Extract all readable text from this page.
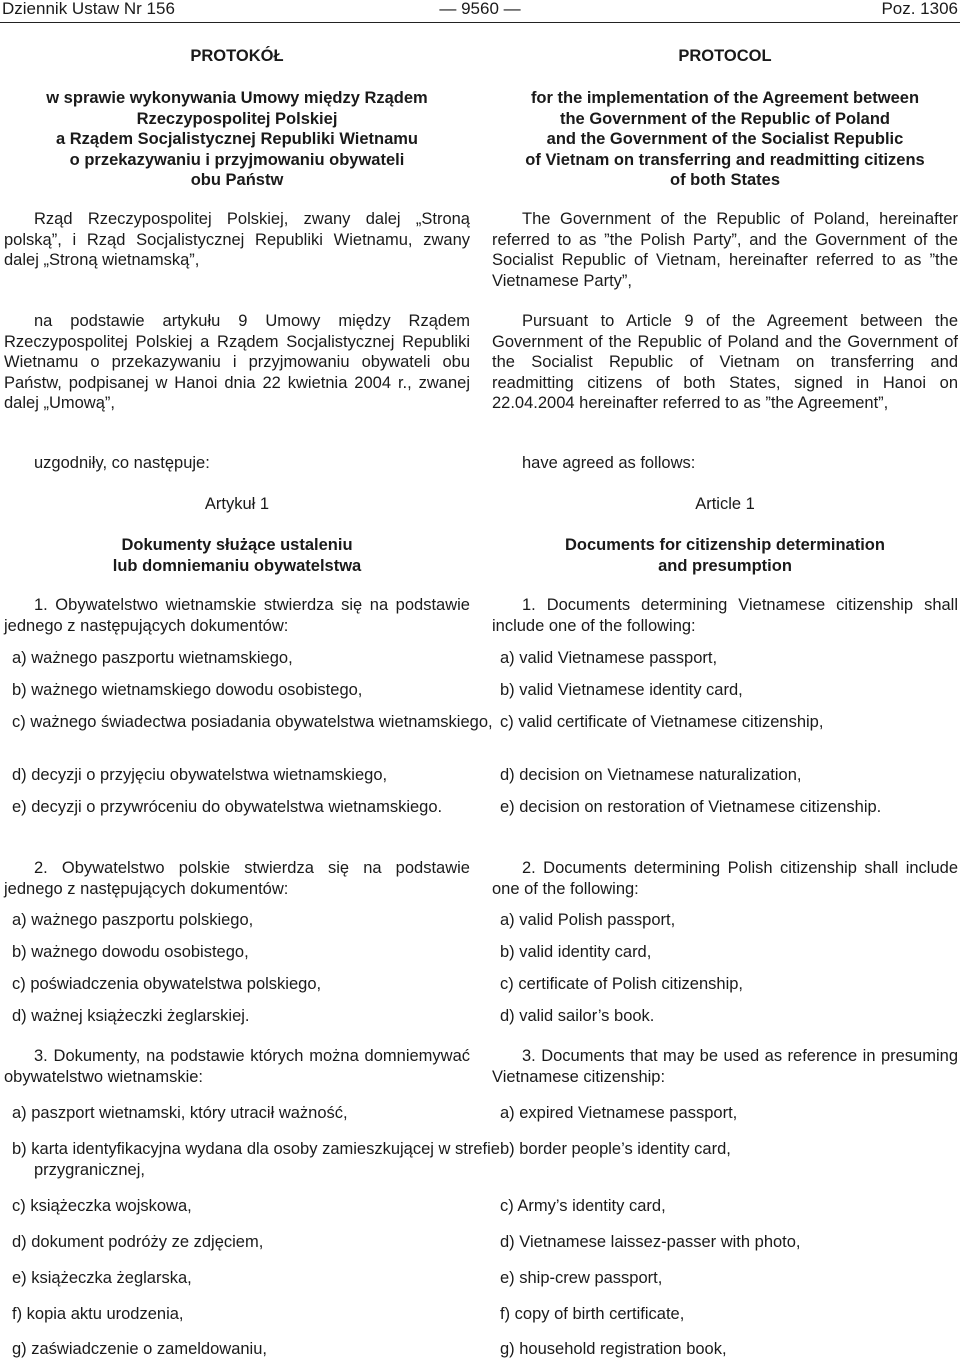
Dziennik Ustaw Nr 156	— 9560 —	Poz. 1306

PROTOKÓŁ

w sprawie wykonywania Umowy między Rządem
Rzeczypospolitej Polskiej
a Rządem Socjalistycznej Republiki Wietnamu
o przekazywaniu i przyjmowaniu obywateli
obu Państw

Rząd Rzeczypospolitej Polskiej, zwany dalej „Stroną polską”, i Rząd Socjalistycznej Republiki Wietnamu, zwany dalej „Stroną wietnamską”,

na podstawie artykułu 9 Umowy między Rządem Rzeczypospolitej Polskiej a Rządem Socjalistycznej Republiki Wietnamu o przekazywaniu i przyjmowaniu obywateli obu Państw, podpisanej w Hanoi dnia 22 kwietnia 2004 r., zwanej dalej „Umową”,

uzgodniły, co następuje:

Artykuł 1

Dokumenty służące ustaleniu
lub domniemaniu obywatelstwa

1. Obywatelstwo wietnamskie stwierdza się na podstawie jednego z następujących dokumentów:

a) ważnego paszportu wietnamskiego,

b) ważnego wietnamskiego dowodu osobistego,

c) ważnego świadectwa posiadania obywatelstwa wietnamskiego,

d) decyzji o przyjęciu obywatelstwa wietnamskiego,

e) decyzji o przywróceniu do obywatelstwa wietnamskiego.

2. Obywatelstwo polskie stwierdza się na podstawie jednego z następujących dokumentów:

a) ważnego paszportu polskiego,

b) ważnego dowodu osobistego,

c) poświadczenia obywatelstwa polskiego,

d) ważnej książeczki żeglarskiej.

3. Dokumenty, na podstawie których można domniemywać obywatelstwo wietnamskie:

a) paszport wietnamski, który utracił ważność,

b) karta identyfikacyjna wydana dla osoby zamieszkującej w strefie przygranicznej,

c) książeczka wojskowa,

d) dokument podróży ze zdjęciem,

e) książeczka żeglarska,

f) kopia aktu urodzenia,

g) zaświadczenie o zameldowaniu,

PROTOCOL

for the implementation of the Agreement between
the Government of the Republic of Poland
and the Government of the Socialist Republic
of Vietnam on transferring and readmitting citizens
of both States

The Government of the Republic of Poland, hereinafter referred to as ”the Polish Party”, and the Government of the Socialist Republic of Vietnam, hereinafter referred to as ”the Vietnamese Party”,

Pursuant to Article 9 of the Agreement between the Government of the Republic of Poland and the Government of the Socialist Republic of Vietnam on transferring and readmitting citizens of both States, signed in Hanoi on 22.04.2004 hereinafter referred to as ”the Agreement”,

have agreed as follows:

Article 1

Documents for citizenship determination
and presumption

1. Documents determining Vietnamese citizenship shall include one of the following:

a) valid Vietnamese passport,

b) valid Vietnamese identity card,

c) valid certificate of Vietnamese citizenship,

d) decision on Vietnamese naturalization,

e) decision on restoration of Vietnamese citizenship.

2. Documents determining Polish citizenship shall include one of the following:

a) valid Polish passport,

b) valid identity card,

c) certificate of Polish citizenship,

d) valid sailor’s book.

3. Documents that may be used as reference in presuming Vietnamese citizenship:

a) expired Vietnamese passport,

b) border people’s identity card,

c) Army’s identity card,

d) Vietnamese laissez-passer with photo,

e) ship-crew passport,

f) copy of birth certificate,

g) household registration book,
